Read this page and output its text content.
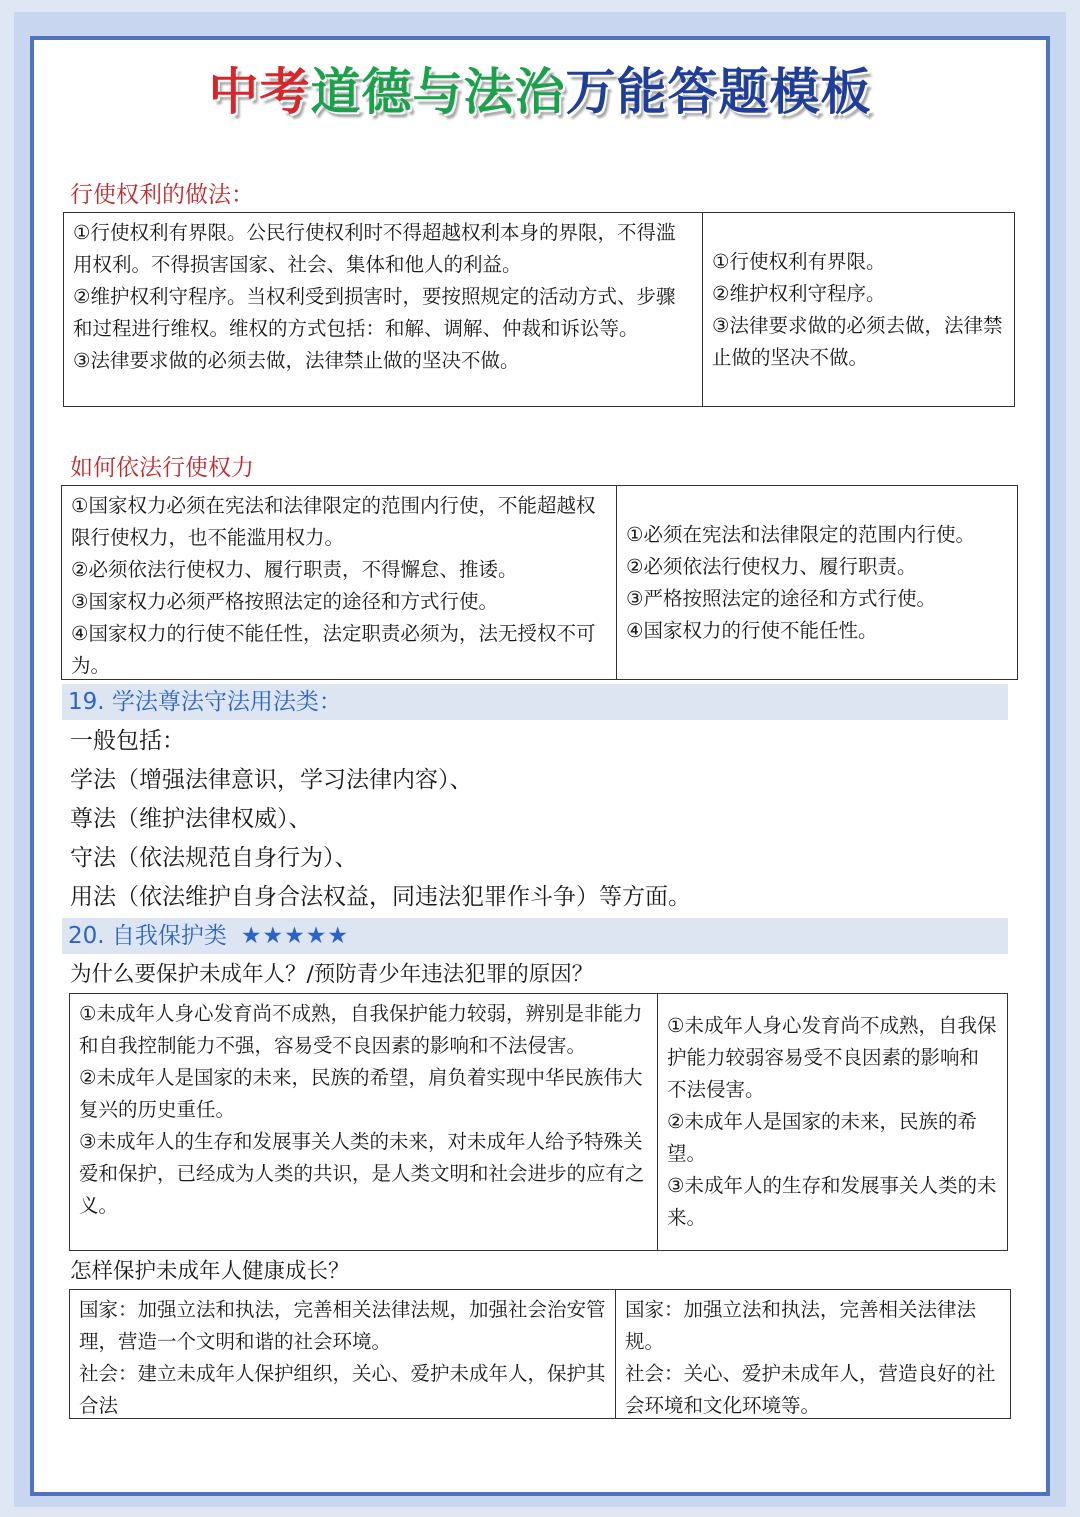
中考道德与法治万能答题模板
行使权利的做法：
①行使权利有界限。公民行使权利时不得超越权利本身的界限，不得滥用权利。不得损害国家、社会、集体和他人的利益。
②维护权利守程序。当权利受到损害时，要按照规定的活动方式、步骤和过程进行维权。维权的方式包括：和解、调解、仲裁和诉讼等。
③法律要求做的必须去做，法律禁止做的坚决不做。
①行使权利有界限。
②维护权利守程序。
③法律要求做的必须去做，法律禁止做的坚决不做。
如何依法行使权力
①国家权力必须在宪法和法律限定的范围内行使，不能超越权限行使权力，也不能滥用权力。
②必须依法行使权力、履行职责，不得懈怠、推诿。
③国家权力必须严格按照法定的途径和方式行使。
④国家权力的行使不能任性，法定职责必须为，法无授权不可为。
①必须在宪法和法律限定的范围内行使。
②必须依法行使权力、履行职责。
③严格按照法定的途径和方式行使。
④国家权力的行使不能任性。
19. 学法尊法守法用法类：
一般包括：
学法（增强法律意识，学习法律内容）、
尊法（维护法律权威）、
守法（依法规范自身行为）、
用法（依法维护自身合法权益，同违法犯罪作斗争）等方面。
20. 自我保护类 ★★★★★
为什么要保护未成年人？/预防青少年违法犯罪的原因？
①未成年人身心发育尚不成熟，自我保护能力较弱，辨别是非能力和自我控制能力不强，容易受不良因素的影响和不法侵害。
②未成年人是国家的未来，民族的希望，肩负着实现中华民族伟大复兴的历史重任。
③未成年人的生存和发展事关人类的未来，对未成年人给予特殊关爱和保护，已经成为人类的共识，是人类文明和社会进步的应有之义。
①未成年人身心发育尚不成熟，自我保护能力较弱容易受不良因素的影响和不法侵害。
②未成年人是国家的未来，民族的希望。
③未成年人的生存和发展事关人类的未来。
怎样保护未成年人健康成长？
国家：加强立法和执法，完善相关法律法规，加强社会治安管理，营造一个文明和谐的社会环境。
社会：建立未成年人保护组织，关心、爱护未成年人，保护其合法
国家：加强立法和执法，完善相关法律法规。
社会：关心、爱护未成年人，营造良好的社会环境和文化环境等。
